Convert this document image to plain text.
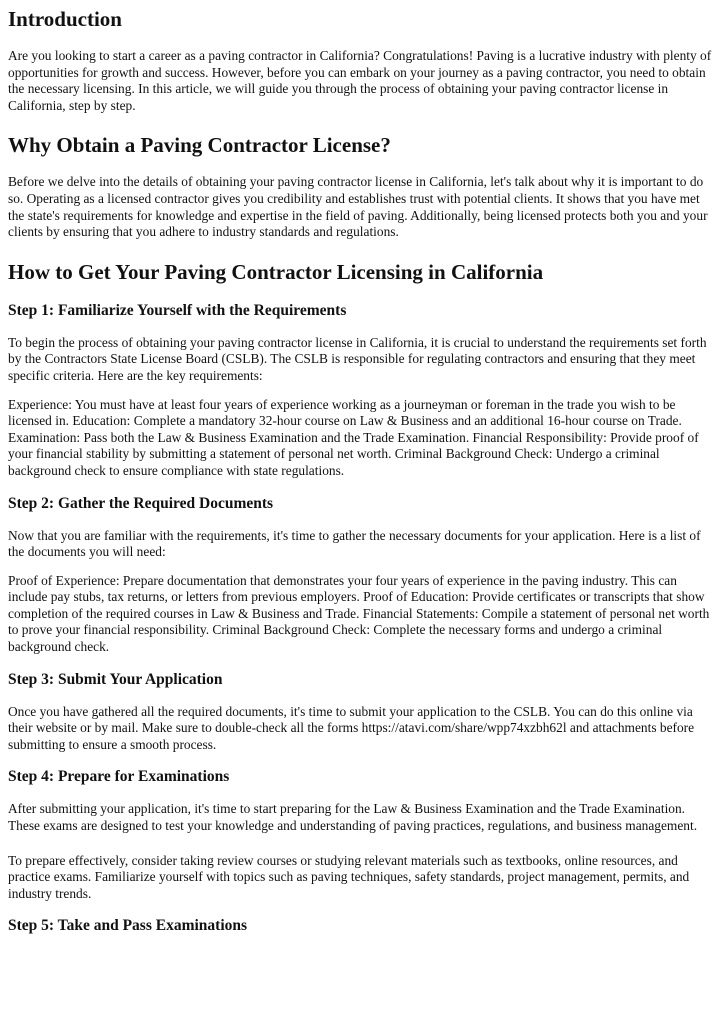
Introduction

Are you looking to start a career as a paving contractor in California? Congratulations! Paving is a lucrative industry with plenty of opportunities for growth and success. However, before you can embark on your journey as a paving contractor, you need to obtain the necessary licensing. In this article, we will guide you through the process of obtaining your paving contractor license in California, step by step.

Why Obtain a Paving Contractor License?

Before we delve into the details of obtaining your paving contractor license in California, let's talk about why it is important to do so. Operating as a licensed contractor gives you credibility and establishes trust with potential clients. It shows that you have met the state's requirements for knowledge and expertise in the field of paving. Additionally, being licensed protects both you and your clients by ensuring that you adhere to industry standards and regulations.

How to Get Your Paving Contractor Licensing in California
Step 1: Familiarize Yourself with the Requirements

To begin the process of obtaining your paving contractor license in California, it is crucial to understand the requirements set forth by the Contractors State License Board (CSLB). The CSLB is responsible for regulating contractors and ensuring that they meet specific criteria. Here are the key requirements:

Experience: You must have at least four years of experience working as a journeyman or foreman in the trade you wish to be licensed in. Education: Complete a mandatory 32-hour course on Law & Business and an additional 16-hour course on Trade. Examination: Pass both the Law & Business Examination and the Trade Examination. Financial Responsibility: Provide proof of your financial stability by submitting a statement of personal net worth. Criminal Background Check: Undergo a criminal background check to ensure compliance with state regulations.

Step 2: Gather the Required Documents

Now that you are familiar with the requirements, it's time to gather the necessary documents for your application. Here is a list of the documents you will need:

Proof of Experience: Prepare documentation that demonstrates your four years of experience in the paving industry. This can include pay stubs, tax returns, or letters from previous employers. Proof of Education: Provide certificates or transcripts that show completion of the required courses in Law & Business and Trade. Financial Statements: Compile a statement of personal net worth to prove your financial responsibility. Criminal Background Check: Complete the necessary forms and undergo a criminal background check.

Step 3: Submit Your Application

Once you have gathered all the required documents, it's time to submit your application to the CSLB. You can do this online via their website or by mail. Make sure to double-check all the forms https://atavi.com/share/wpp74xzbh62l and attachments before submitting to ensure a smooth process.

Step 4: Prepare for Examinations

After submitting your application, it's time to start preparing for the Law & Business Examination and the Trade Examination. These exams are designed to test your knowledge and understanding of paving practices, regulations, and business management.

To prepare effectively, consider taking review courses or studying relevant materials such as textbooks, online resources, and practice exams. Familiarize yourself with topics such as paving techniques, safety standards, project management, permits, and industry trends.

Step 5: Take and Pass Examinations
